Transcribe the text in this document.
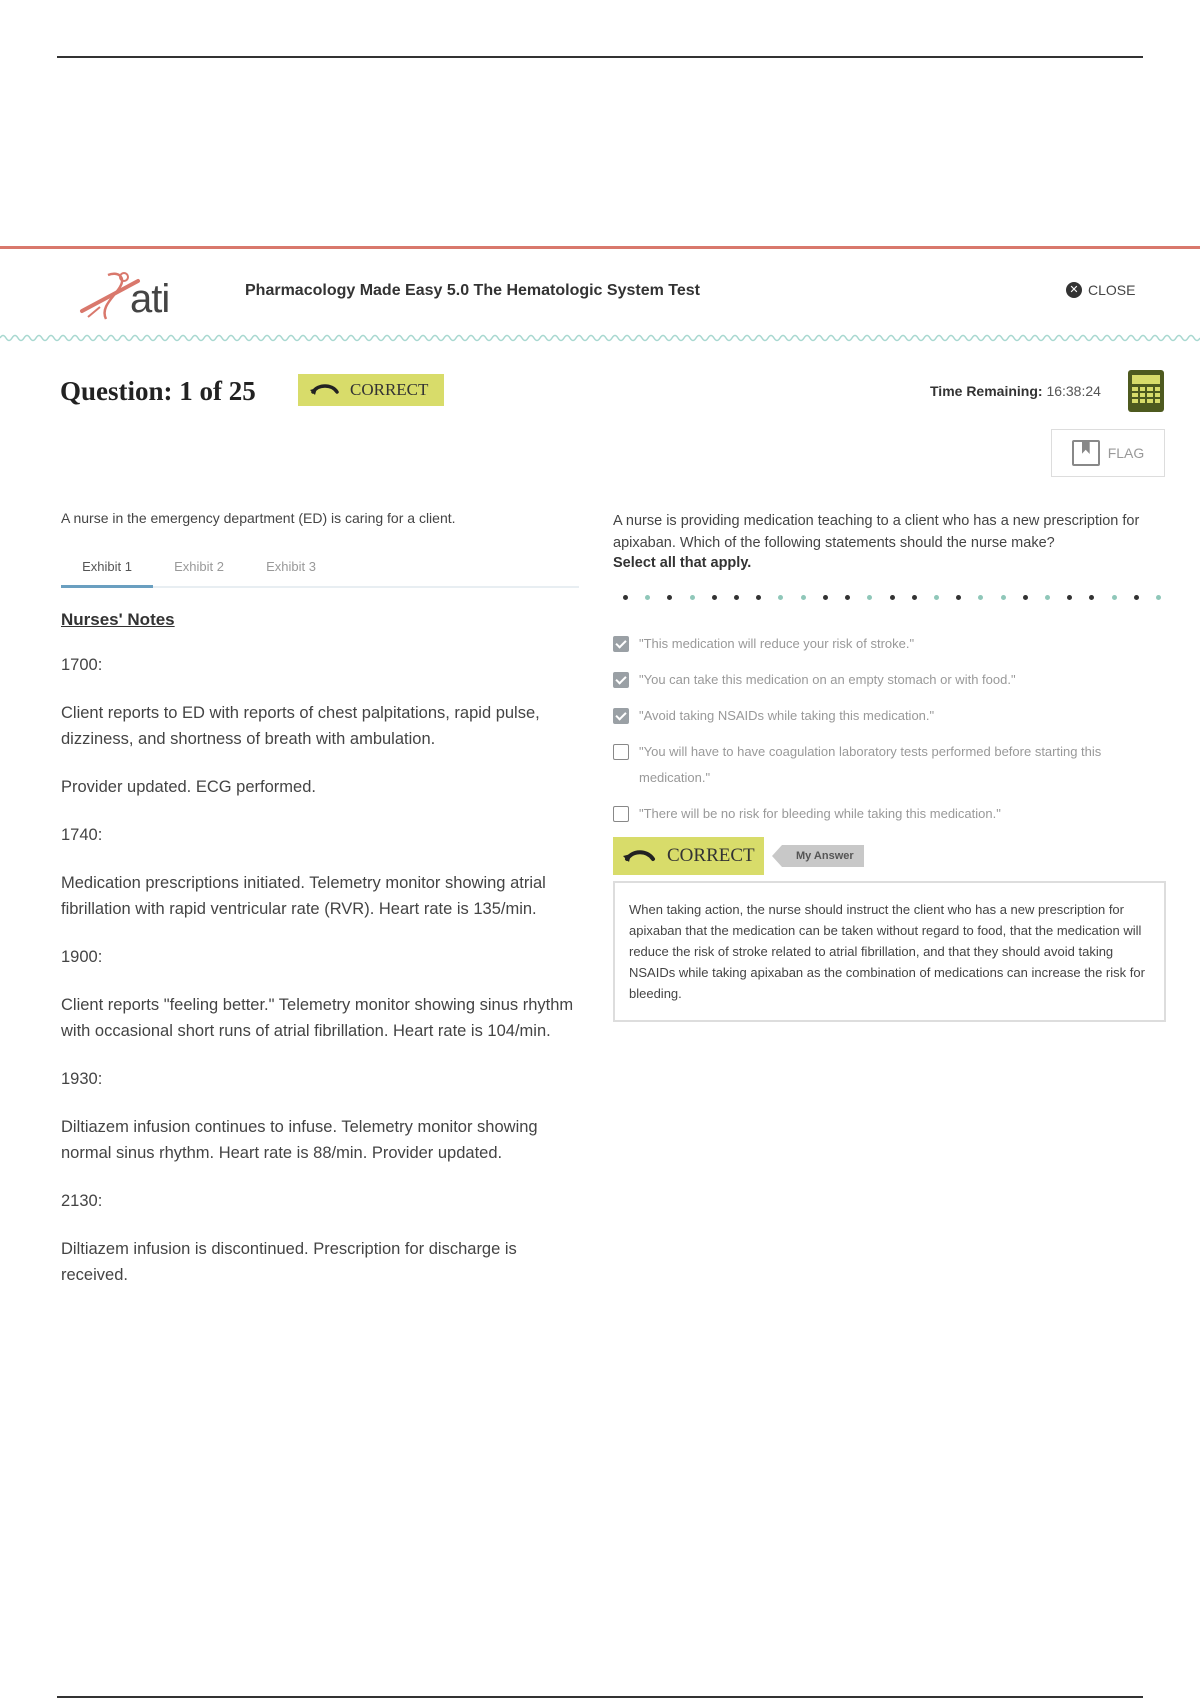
ati	Pharmacology Made Easy 5.0 The Hematologic System Test	✕ CLOSE
Question: 1 of 25	CORRECT	Time Remaining: 16:38:24
FLAG
A nurse in the emergency department (ED) is caring for a client.
Exhibit 1	Exhibit 2	Exhibit 3
Nurses' Notes
1700:
Client reports to ED with reports of chest palpitations, rapid pulse, dizziness, and shortness of breath with ambulation.
Provider updated. ECG performed.
1740:
Medication prescriptions initiated. Telemetry monitor showing atrial fibrillation with rapid ventricular rate (RVR). Heart rate is 135/min.
1900:
Client reports "feeling better." Telemetry monitor showing sinus rhythm with occasional short runs of atrial fibrillation. Heart rate is 104/min.
1930:
Diltiazem infusion continues to infuse. Telemetry monitor showing normal sinus rhythm. Heart rate is 88/min. Provider updated.
2130:
Diltiazem infusion is discontinued. Prescription for discharge is received.
A nurse is providing medication teaching to a client who has a new prescription for apixaban. Which of the following statements should the nurse make?
Select all that apply.
"This medication will reduce your risk of stroke."
"You can take this medication on an empty stomach or with food."
"Avoid taking NSAIDs while taking this medication."
"You will have to have coagulation laboratory tests performed before starting this medication."
"There will be no risk for bleeding while taking this medication."
CORRECT	My Answer
When taking action, the nurse should instruct the client who has a new prescription for apixaban that the medication can be taken without regard to food, that the medication will reduce the risk of stroke related to atrial fibrillation, and that they should avoid taking NSAIDs while taking apixaban as the combination of medications can increase the risk for bleeding.
